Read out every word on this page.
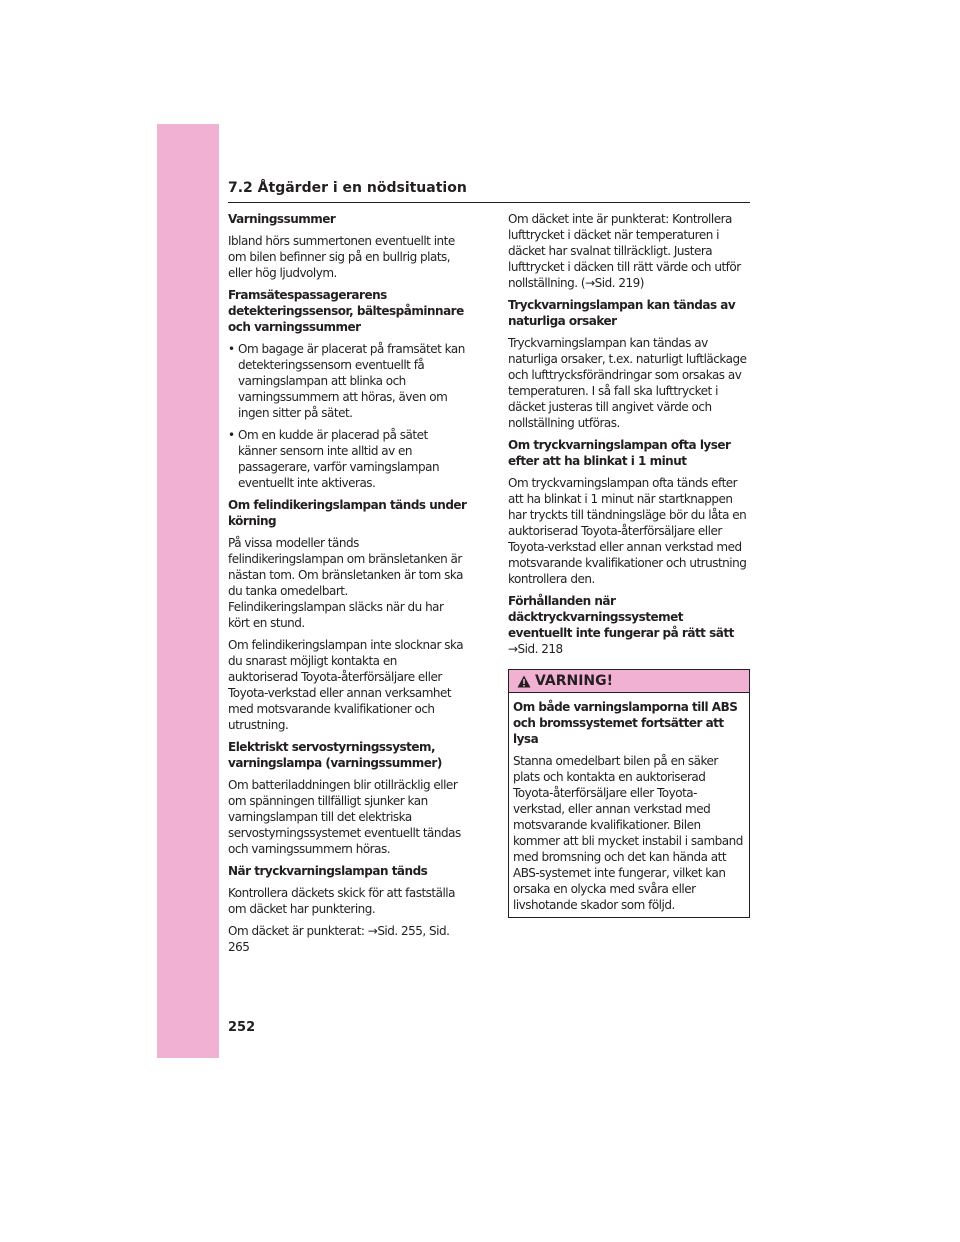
7.2 Åtgärder i en nödsituation

Varningssummer

Ibland hörs summertonen eventuellt inte om bilen befinner sig på en bullrig plats, eller hög ljudvolym.

Framsätespassagerarens detekteringssensor, bältespåminnare och varningssummer

• Om bagage är placerat på framsätet kan detekteringssensorn eventuellt få varningslampan att blinka och varningssummern att höras, även om ingen sitter på sätet.
• Om en kudde är placerad på sätet känner sensorn inte alltid av en passagerare, varför varningslampan eventuellt inte aktiveras.

Om felindikeringslampan tänds under körning

På vissa modeller tänds felindikeringslampan om bränsletanken är nästan tom. Om bränsletanken är tom ska du tanka omedelbart. Felindikeringslampan släcks när du har kört en stund.

Om felindikeringslampan inte slocknar ska du snarast möjligt kontakta en auktoriserad Toyota-återförsäljare eller Toyota-verkstad eller annan verksamhet med motsvarande kvalifikationer och utrustning.

Elektriskt servostyrningssystem, varningslampa (varningssummer)

Om batteriladdningen blir otillräcklig eller om spänningen tillfälligt sjunker kan varningslampan till det elektriska servostyrningssystemet eventuellt tändas och varningssummern höras.

När tryckvarningslampan tänds

Kontrollera däckets skick för att fastställa om däcket har punktering.

Om däcket är punkterat: →Sid. 255, Sid. 265

Om däcket inte är punkterat: Kontrollera lufttrycket i däcket när temperaturen i däcket har svalnat tillräckligt. Justera lufttrycket i däcken till rätt värde och utför nollställning. (→Sid. 219)

Tryckvarningslampan kan tändas av naturliga orsaker

Tryckvarningslampan kan tändas av naturliga orsaker, t.ex. naturligt luftläckage och lufttrycksförändringar som orsakas av temperaturen. I så fall ska lufttrycket i däcket justeras till angivet värde och nollställning utföras.

Om tryckvarningslampan ofta lyser efter att ha blinkat i 1 minut

Om tryckvarningslampan ofta tänds efter att ha blinkat i 1 minut när startknappen har tryckts till tändningsläge bör du låta en auktoriserad Toyota-återförsäljare eller Toyota-verkstad eller annan verkstad med motsvarande kvalifikationer och utrustning kontrollera den.

Förhållanden när däcktryckvarningssystemet eventuellt inte fungerar på rätt sätt

→Sid. 218

VARNING!

Om både varningslamporna till ABS och bromssystemet fortsätter att lysa

Stanna omedelbart bilen på en säker plats och kontakta en auktoriserad Toyota-återförsäljare eller Toyota-verkstad, eller annan verkstad med motsvarande kvalifikationer. Bilen kommer att bli mycket instabil i samband med bromsning och det kan hända att ABS-systemet inte fungerar, vilket kan orsaka en olycka med svåra eller livshotande skador som följd.

252
